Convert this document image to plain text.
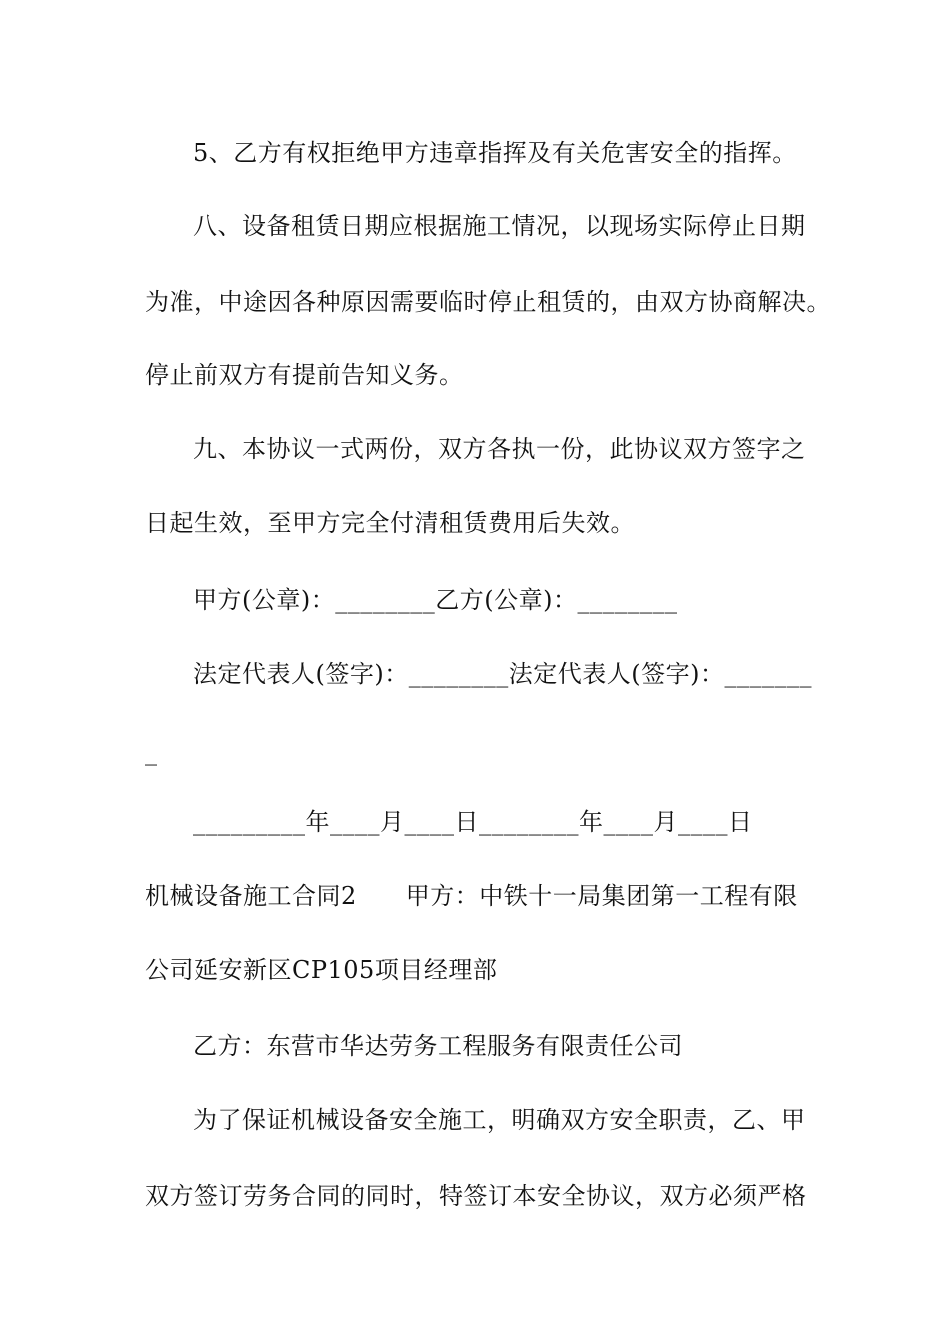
5、乙方有权拒绝甲方违章指挥及有关危害安全的指挥。
八、设备租赁日期应根据施工情况，以现场实际停止日期
为准，中途因各种原因需要临时停止租赁的，由双方协商解决。
停止前双方有提前告知义务。
九、本协议一式两份，双方各执一份，此协议双方签字之
日起生效，至甲方完全付清租赁费用后失效。
甲方(公章)：________乙方(公章)：________
法定代表人(签字)：________法定代表人(签字)：_______
_
_________年____月____日________年____月____日
机械设备施工合同2　　甲方：中铁十一局集团第一工程有限
公司延安新区CP105项目经理部
乙方：东营市华达劳务工程服务有限责任公司
为了保证机械设备安全施工，明确双方安全职责，乙、甲
双方签订劳务合同的同时，特签订本安全协议，双方必须严格
